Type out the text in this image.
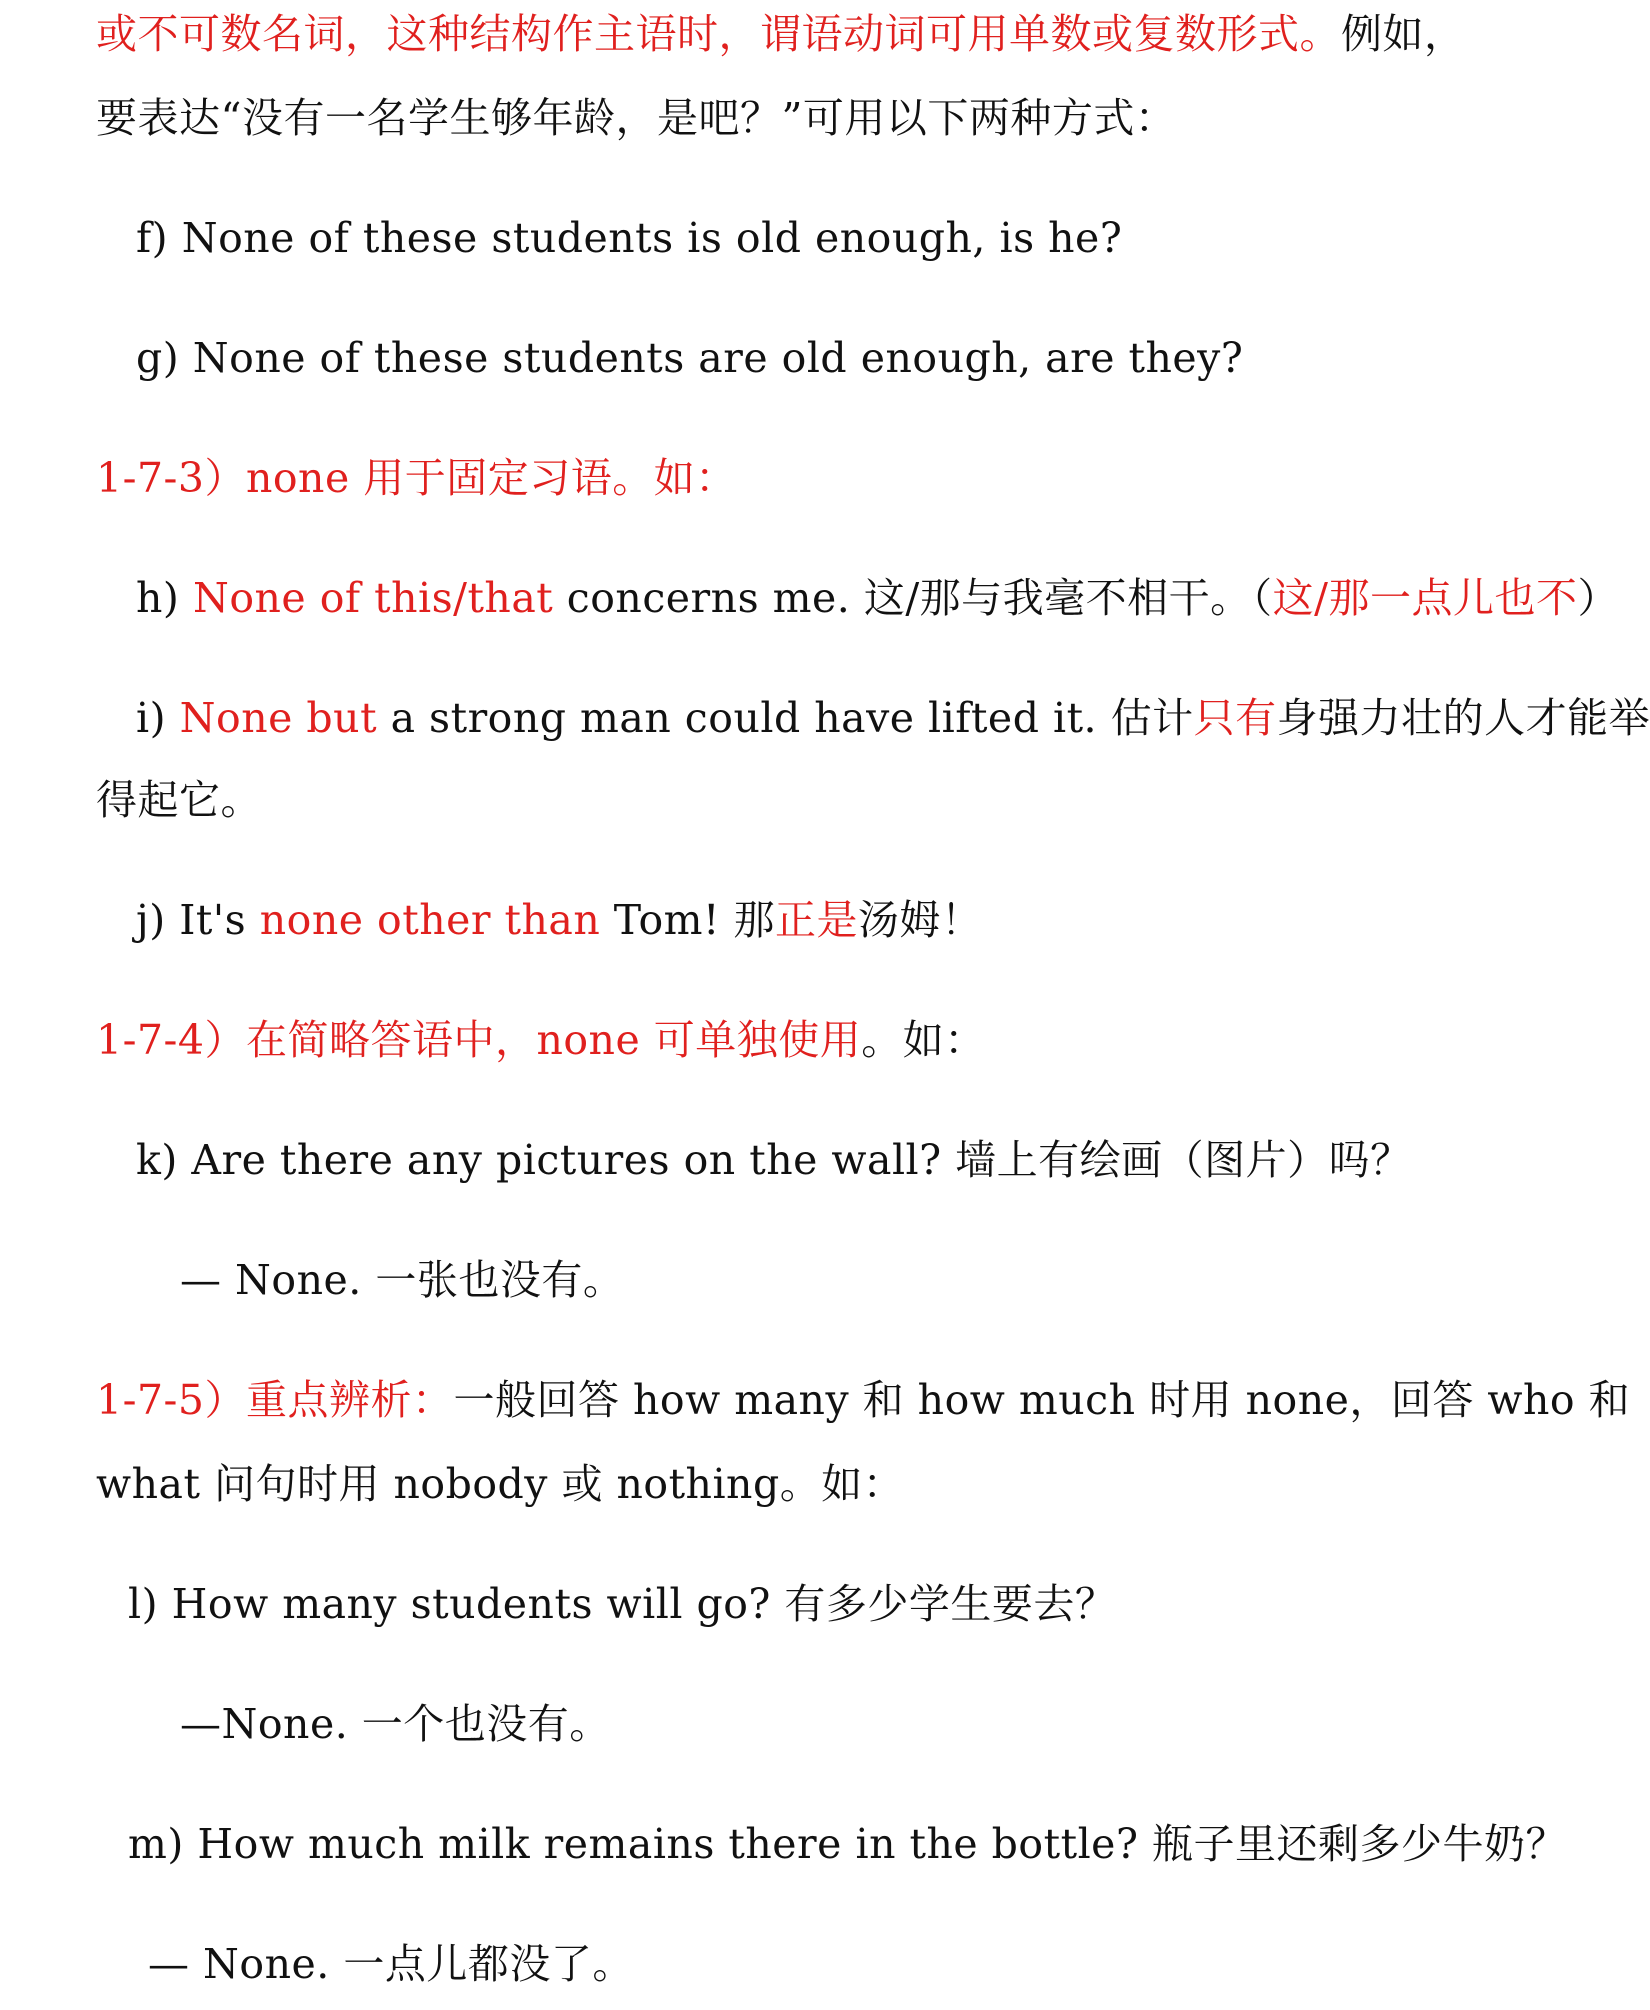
或不可数名词，这种结构作主语时，谓语动词可用单数或复数形式。例如，
要表达“没有一名学生够年龄，是吧？”可用以下两种方式：
f) None of these students is old enough, is he?
g) None of these students are old enough, are they?
1-7-3）none 用于固定习语。如：
h) None of this/that concerns me. 这/那与我毫不相干。（这/那一点儿也不）
i) None but a strong man could have lifted it. 估计只有身强力壮的人才能举
得起它。
j) It's none other than Tom! 那正是汤姆！
1-7-4）在简略答语中，none 可单独使用。如：
k) Are there any pictures on the wall? 墙上有绘画（图片）吗？
— None. 一张也没有。
1-7-5）重点辨析：一般回答 how many 和 how much 时用 none，回答 who 和
what 问句时用 nobody 或 nothing。如：
l) How many students will go? 有多少学生要去？
—None. 一个也没有。
m) How much milk remains there in the bottle? 瓶子里还剩多少牛奶？
— None. 一点儿都没了。
